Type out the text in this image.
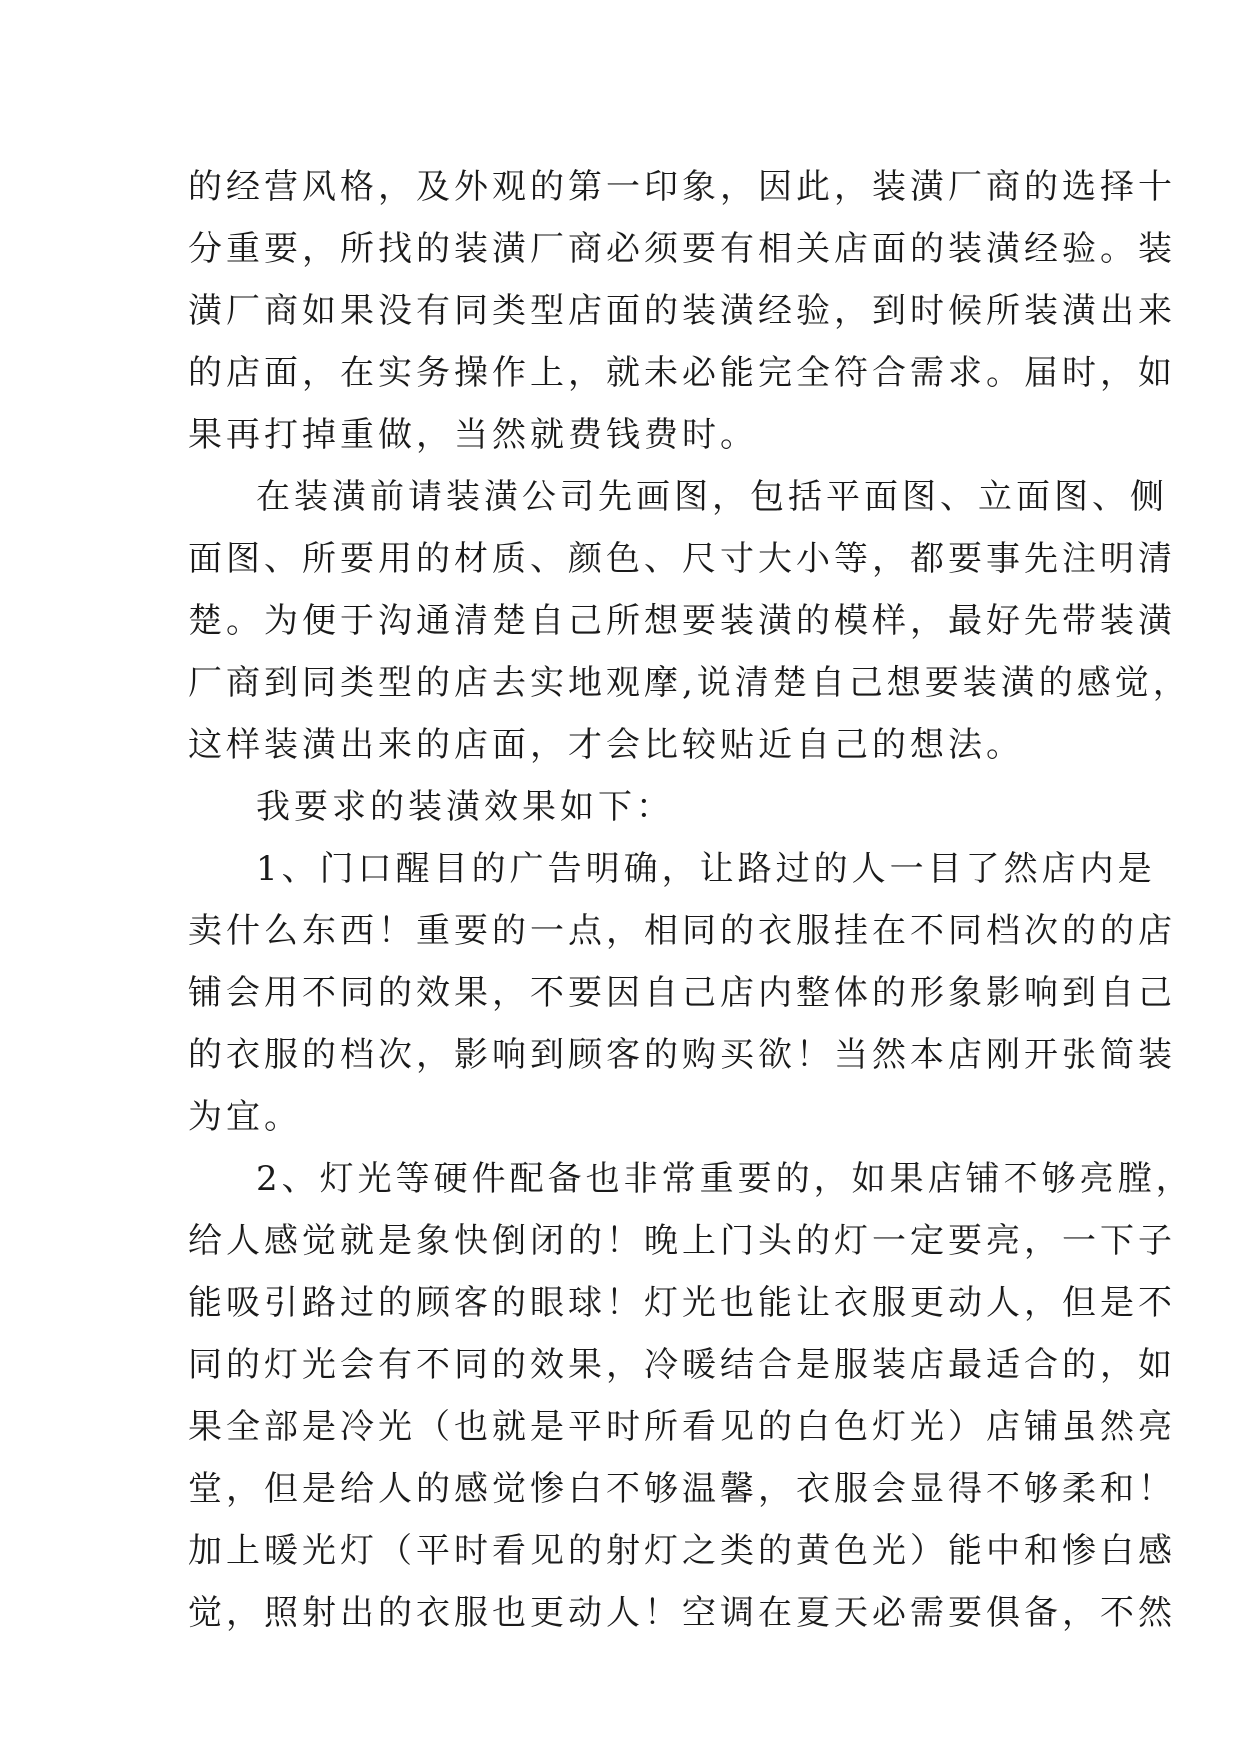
的经营风格，及外观的第一印象，因此，装潢厂商的选择十
分重要，所找的装潢厂商必须要有相关店面的装潢经验。装
潢厂商如果没有同类型店面的装潢经验，到时候所装潢出来
的店面，在实务操作上，就未必能完全符合需求。届时，如
果再打掉重做，当然就费钱费时。
在装潢前请装潢公司先画图，包括平面图、立面图、侧
面图、所要用的材质、颜色、尺寸大小等，都要事先注明清
楚。为便于沟通清楚自己所想要装潢的模样，最好先带装潢
厂商到同类型的店去实地观摩,说清楚自己想要装潢的感觉，
这样装潢出来的店面，才会比较贴近自己的想法。
我要求的装潢效果如下：
1、门口醒目的广告明确，让路过的人一目了然店内是
卖什么东西！重要的一点，相同的衣服挂在不同档次的的店
铺会用不同的效果，不要因自己店内整体的形象影响到自己
的衣服的档次，影响到顾客的购买欲！当然本店刚开张简装
为宜。
2、灯光等硬件配备也非常重要的，如果店铺不够亮膛，
给人感觉就是象快倒闭的！晚上门头的灯一定要亮，一下子
能吸引路过的顾客的眼球！灯光也能让衣服更动人，但是不
同的灯光会有不同的效果，冷暖结合是服装店最适合的，如
果全部是冷光（也就是平时所看见的白色灯光）店铺虽然亮
堂，但是给人的感觉惨白不够温馨，衣服会显得不够柔和！
加上暖光灯（平时看见的射灯之类的黄色光）能中和惨白感
觉，照射出的衣服也更动人！空调在夏天必需要俱备，不然
